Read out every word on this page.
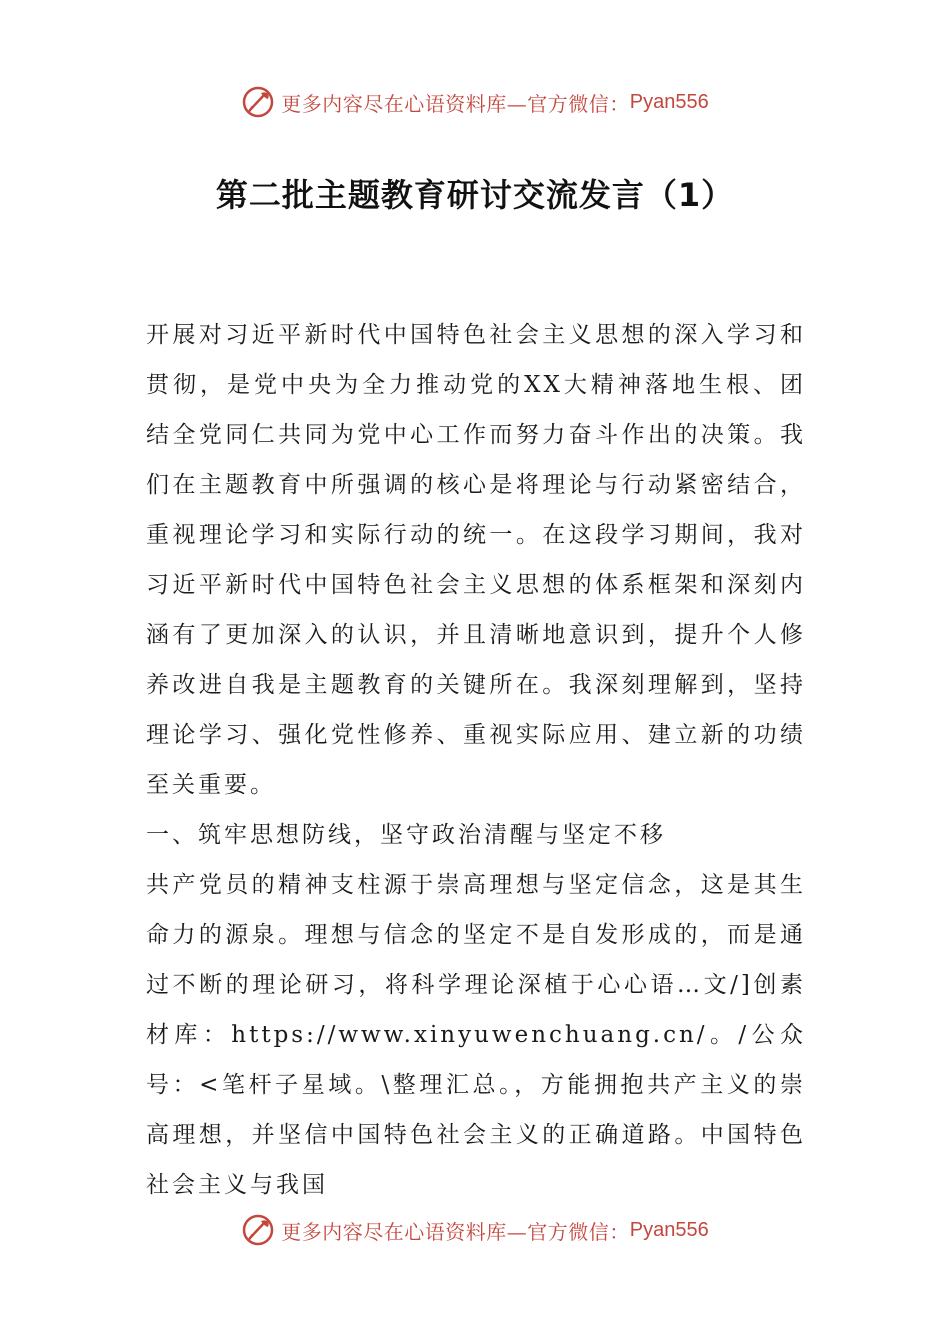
更多内容尽在心语资料库—官方微信： Pyan556
第二批主题教育研讨交流发言（1）

开展对习近平新时代中国特色社会主义思想的深入学习和贯彻，是党中央为全力推动党的XX大精神落地生根、团结全党同仁共同为党中心工作而努力奋斗作出的决策。我们在主题教育中所强调的核心是将理论与行动紧密结合，重视理论学习和实际行动的统一。在这段学习期间，我对习近平新时代中国特色社会主义思想的体系框架和深刻内涵有了更加深入的认识，并且清晰地意识到，提升个人修养改进自我是主题教育的关键所在。我深刻理解到，坚持理论学习、强化党性修养、重视实际应用、建立新的功绩至关重要。

一、筑牢思想防线，坚守政治清醒与坚定不移

共产党员的精神支柱源于崇高理想与坚定信念，这是其生命力的源泉。理想与信念的坚定不是自发形成的，而是通过不断的理论研习，将科学理论深植于心心语…文/]创素材库：https://www.xinyuwenchuang.cn/。/公众号：<笔杆子星域。\整理汇总。，方能拥抱共产主义的崇高理想，并坚信中国特色社会主义的正确道路。中国特色社会主义与我国

更多内容尽在心语资料库—官方微信： Pyan556
